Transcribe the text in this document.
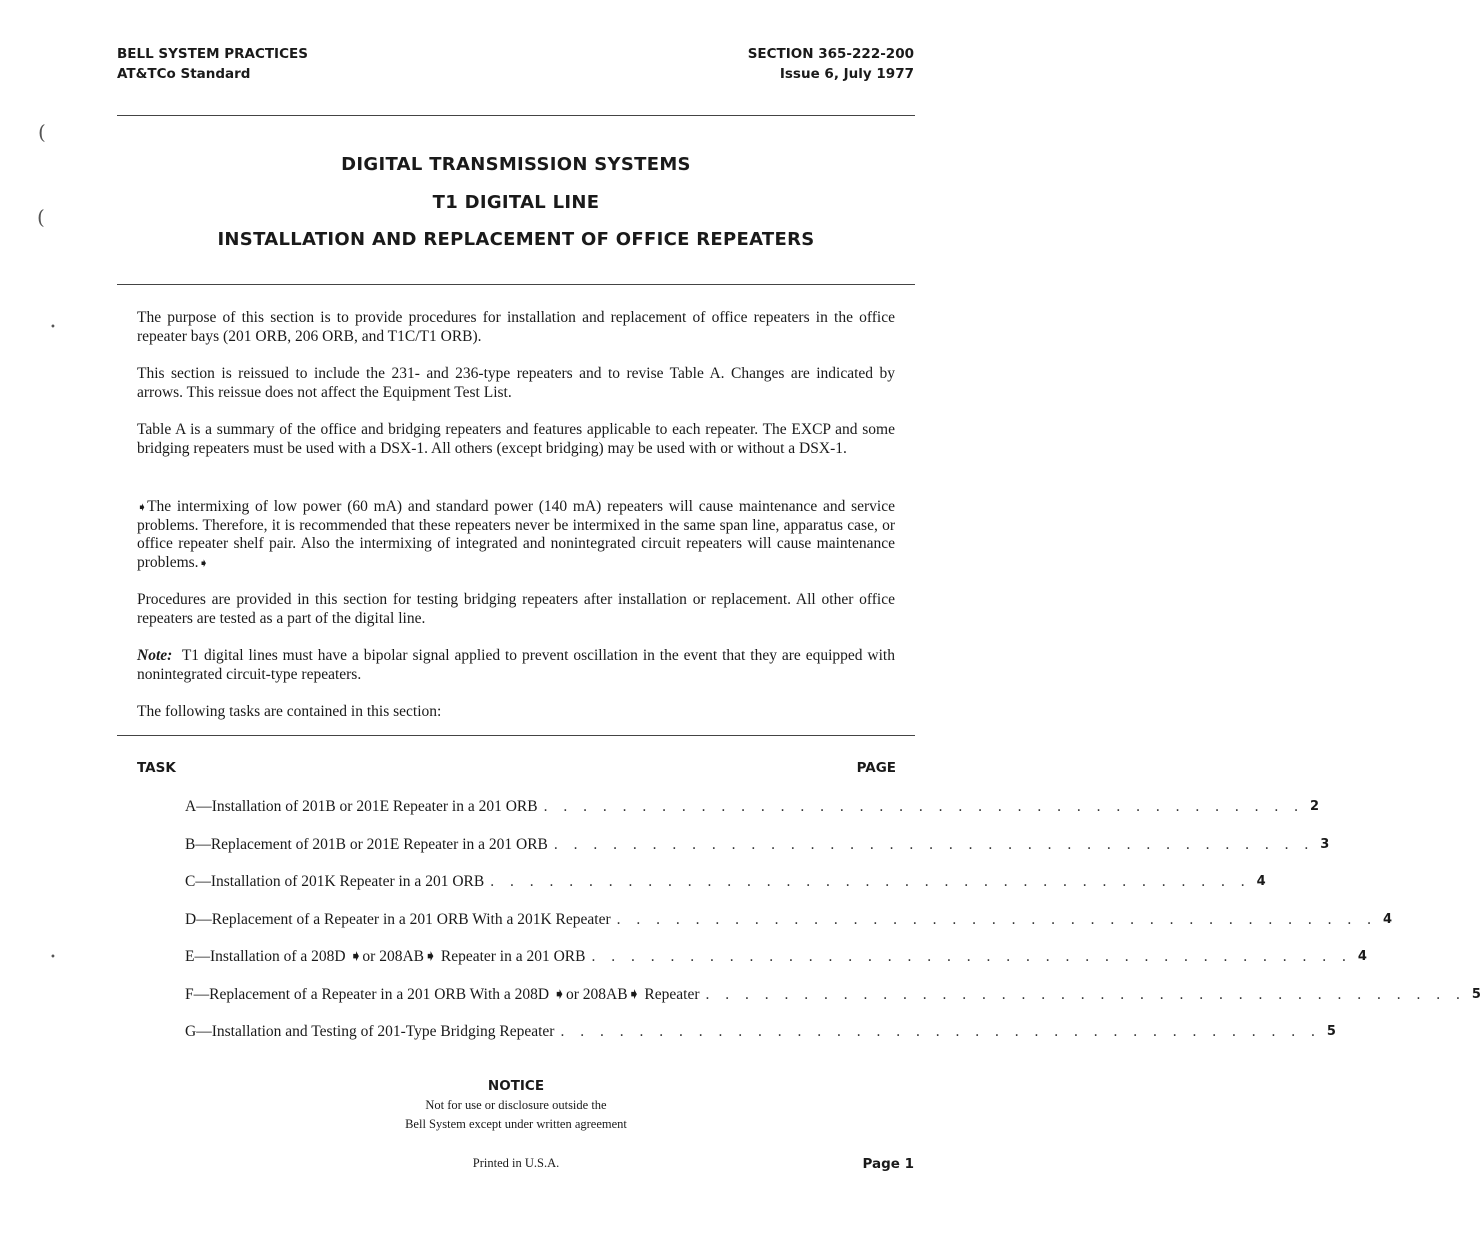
BELL SYSTEM PRACTICES
AT&TCo Standard
SECTION 365-222-200
Issue 6, July 1977
DIGITAL TRANSMISSION SYSTEMS
T1 DIGITAL LINE
INSTALLATION AND REPLACEMENT OF OFFICE REPEATERS

The purpose of this section is to provide procedures for installation and replacement of office repeaters in the office repeater bays (201 ORB, 206 ORB, and T1C/T1 ORB).

This section is reissued to include the 231- and 236-type repeaters and to revise Table A. Changes are indicated by arrows. This reissue does not affect the Equipment Test List.

Table A is a summary of the office and bridging repeaters and features applicable to each repeater. The EXCP and some bridging repeaters must be used with a DSX-1. All others (except bridging) may be used with or without a DSX-1.

➧The intermixing of low power (60 mA) and standard power (140 mA) repeaters will cause maintenance and service problems. Therefore, it is recommended that these repeaters never be intermixed in the same span line, apparatus case, or office repeater shelf pair. Also the intermixing of integrated and nonintegrated circuit repeaters will cause maintenance problems.➧

Procedures are provided in this section for testing bridging repeaters after installation or replacement. All other office repeaters are tested as a part of the digital line.

Note: T1 digital lines must have a bipolar signal applied to prevent oscillation in the event that they are equipped with nonintegrated circuit-type repeaters.

The following tasks are contained in this section:

TASK	PAGE
A—Installation of 201B or 201E Repeater in a 201 ORB . . . . . . . . . . . . . . . . . . . . . . . . . . . . . . . . . . . . . . . 2
B—Replacement of 201B or 201E Repeater in a 201 ORB . . . . . . . . . . . . . . . . . . . . . . . . . . . . . . . . . . . . . . . 3
C—Installation of 201K Repeater in a 201 ORB . . . . . . . . . . . . . . . . . . . . . . . . . . . . . . . . . . . . . . . 4
D—Replacement of a Repeater in a 201 ORB With a 201K Repeater . . . . . . . . . . . . . . . . . . . . . . . . . . . . . . . . . . . . . . . 4
E—Installation of a 208D ➧or 208AB➧ Repeater in a 201 ORB . . . . . . . . . . . . . . . . . . . . . . . . . . . . . . . . . . . . . . . 4
F—Replacement of a Repeater in a 201 ORB With a 208D ➧or 208AB➧ Repeater . . . . . . . . . . . . . . . . . . . . . . . . . . . . . . . . . . . . . . . 5
G—Installation and Testing of 201-Type Bridging Repeater . . . . . . . . . . . . . . . . . . . . . . . . . . . . . . . . . . . . . . . 5
NOTICE
Not for use or disclosure outside the
Bell System except under written agreement
Printed in U.S.A.	Page 1
(
(
•
•
